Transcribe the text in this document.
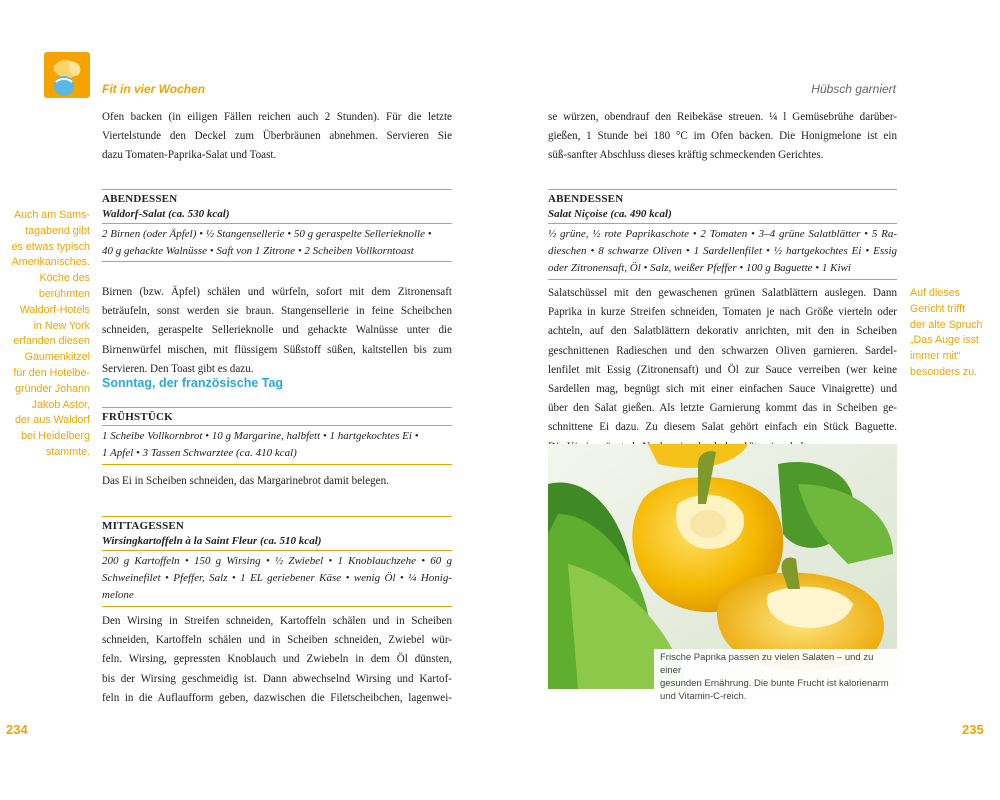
Fit in vier Wochen	Hübsch garniert
Ofen backen (in eiligen Fällen reichen auch 2 Stunden). Für die letzte
Viertelstunde den Deckel zum Überbräunen abnehmen. Servieren Sie
dazu Tomaten-Paprika-Salat und Toast.
ABENDESSEN
Waldorf-Salat (ca. 530 kcal)
2 Birnen (oder Äpfel) • ½ Stangensellerie • 50 g geraspelte Sellerieknolle •
40 g gehackte Walnüsse • Saft von 1 Zitrone • 2 Scheiben Vollkorntoast
Birnen (bzw. Äpfel) schälen und würfeln, sofort mit dem Zitronensaft
beträufeln, sonst werden sie braun. Stangensellerie in feine Scheibchen
schneiden, geraspelte Sellerieknolle und gehackte Walnüsse unter die
Birnenwürfel mischen, mit flüssigem Süßstoff süßen, kaltstellen bis zum
Servieren. Den Toast gibt es dazu.
Sonntag, der französische Tag
FRÜHSTÜCK
1 Scheibe Vollkornbrot • 10 g Margarine, halbfett • 1 hartgekochtes Ei •
1 Apfel • 3 Tassen Schwarztee (ca. 410 kcal)
Das Ei in Scheiben schneiden, das Margarinebrot damit belegen.
MITTAGESSEN
Wirsingkartoffeln à la Saint Fleur (ca. 510 kcal)
200 g Kartoffeln • 150 g Wirsing • ½ Zwiebel • 1 Knoblauchzehe • 60 g
Schweinefilet • Pfeffer, Salz • 1 EL geriebener Käse • wenig Öl • ¼ Honig-
melone
Den Wirsing in Streifen schneiden, Kartoffeln schälen und in Scheiben
schneiden, Kartoffeln schälen und in Scheiben schneiden, Zwiebel wür-
feln. Wirsing, gepressten Knoblauch und Zwiebeln in dem Öl dünsten,
bis der Wirsing geschmeidig ist. Dann abwechselnd Wirsing und Kartof-
feln in die Auflaufform geben, dazwischen die Filetscheibchen, lagenwei-
Auch am Sams-
tagabend gibt
es etwas typisch
Amerikanisches.
Köche des
berühmten
Waldorf-Hotels
in New York
erfanden diesen
Gaumenkitzel
für den Hotelbe-
gründer Johann
Jakob Astor,
der aus Waldorf
bei Heidelberg
stammte.
234
se würzen, obendrauf den Reibekäse streuen. ¼ l Gemüsebrühe darüber-
gießen, 1 Stunde bei 180 °C im Ofen backen. Die Honigmelone ist ein
süß-sanfter Abschluss dieses kräftig schmeckenden Gerichtes.
ABENDESSEN
Salat Niçoise (ca. 490 kcal)
½ grüne, ½ rote Paprikaschote • 2 Tomaten • 3–4 grüne Salatblätter • 5 Ra-
dieschen • 8 schwarze Oliven • 1 Sardellenfilet • ½ hartgekochtes Ei • Essig
oder Zitronensaft, Öl • Salz, weißer Pfeffer • 100 g Baguette • 1 Kiwi
Salatschüssel mit den gewaschenen grünen Salatblättern auslegen. Dann
Paprika in kurze Streifen schneiden, Tomaten je nach Größe vierteln oder
achteln, auf den Salatblättern dekorativ anrichten, mit den in Scheiben
geschnittenen Radieschen und den schwarzen Oliven garnieren. Sardel-
lenfilet mit Essig (Zitronensaft) und Öl zur Sauce verreiben (wer keine
Sardellen mag, begnügt sich mit einer einfachen Sauce Vinaigrette) und
über den Salat gießen. Als letzte Garnierung kommt das in Scheiben ge-
schnittene Ei dazu. Zu diesem Salat gehört einfach ein Stück Baguette.
Auf dieses
Gericht trifft
der alte Spruch
„Das Auge isst
immer mit“
besonders zu.
Frische Paprika passen zu vielen Salaten – und zu einer
gesunden Ernährung. Die bunte Frucht ist kalorienarm
und Vitamin-C-reich.
235
